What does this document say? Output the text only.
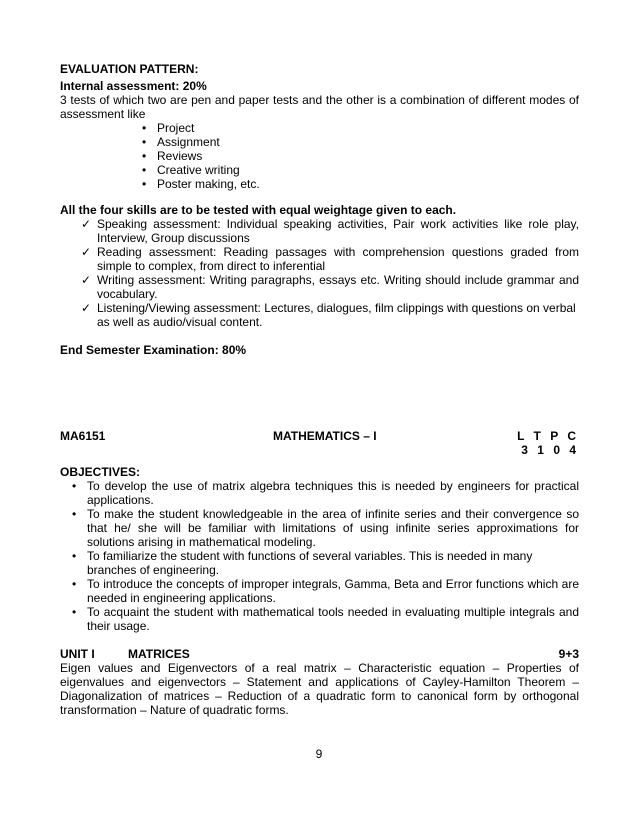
EVALUATION PATTERN:

Internal assessment: 20%

3 tests of which two are pen and paper tests and the other is a combination of different modes of assessment like

• Project
• Assignment
• Reviews
• Creative writing
• Poster making, etc.

All the four skills are to be tested with equal weightage given to each.

✓ Speaking assessment: Individual speaking activities, Pair work activities like role play, Interview, Group discussions
✓ Reading assessment: Reading passages with comprehension questions graded from simple to complex, from direct to inferential
✓ Writing assessment: Writing paragraphs, essays etc. Writing should include grammar and vocabulary.
✓ Listening/Viewing assessment: Lectures, dialogues, film clippings with questions on verbal as well as audio/visual content.

End Semester Examination: 80%

MA6151	MATHEMATICS – I	L T P C
3 1 0 4

OBJECTIVES:

• To develop the use of matrix algebra techniques this is needed by engineers for practical applications.
• To make the student knowledgeable in the area of infinite series and their convergence so that he/ she will be familiar with limitations of using infinite series approximations for solutions arising in mathematical modeling.
• To familiarize the student with functions of several variables. This is needed in many branches of engineering.
• To introduce the concepts of improper integrals, Gamma, Beta and Error functions which are needed in engineering applications.
• To acquaint the student with mathematical tools needed in evaluating multiple integrals and their usage.
UNIT I	MATRICES	9+3

Eigen values and Eigenvectors of a real matrix – Characteristic equation – Properties of eigenvalues and eigenvectors – Statement and applications of Cayley-Hamilton Theorem – Diagonalization of matrices – Reduction of a quadratic form to canonical form by orthogonal transformation – Nature of quadratic forms.

9
